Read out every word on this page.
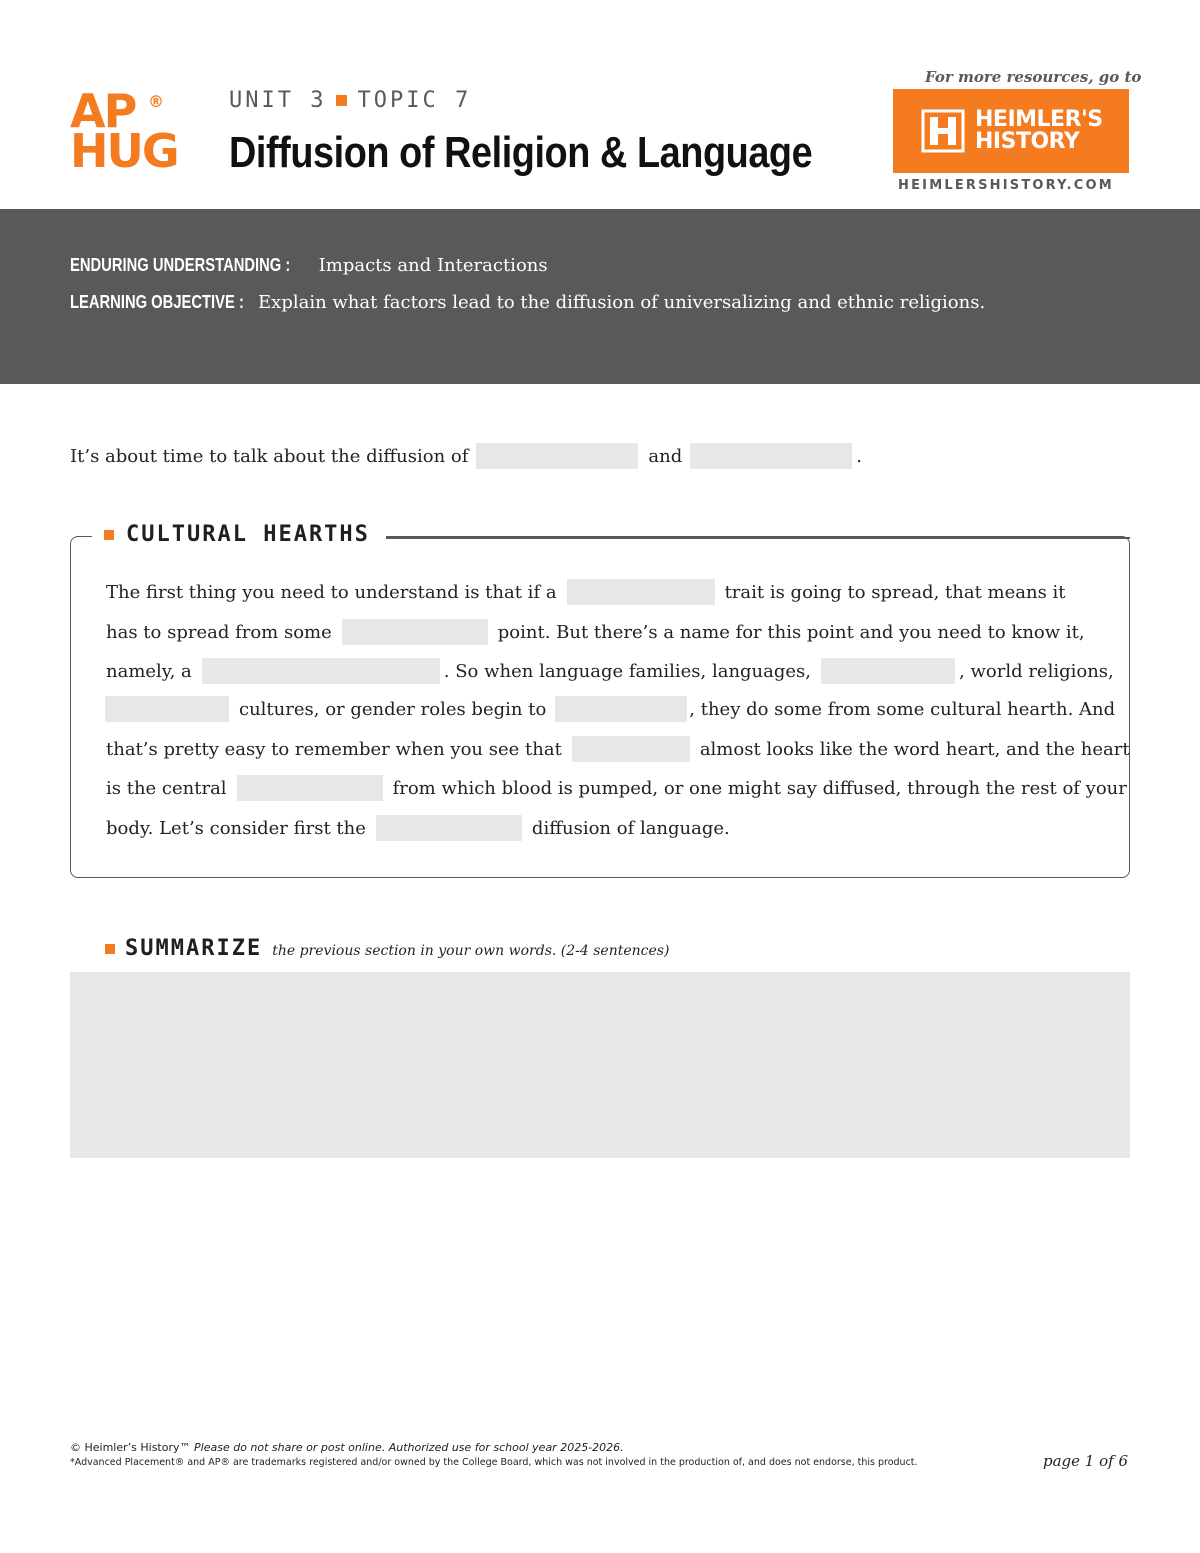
AP ®
HUG
UNIT 3 TOPIC 7
Diffusion of Religion & Language
For more resources, go to
HEIMLER'S
HISTORY
HEIMLERSHISTORY.COM
ENDURING UNDERSTANDING : Impacts and Interactions
LEARNING OBJECTIVE : Explain what factors lead to the diffusion of universalizing and ethnic religions.
It’s about time to talk about the diffusion of	and	.
CULTURAL HEARTHS
The first thing you need to understand is that if a	trait is going to spread, that means it
has to spread from some	point. But there’s a name for this point and you need to know it,
namely, a	. So when language families, languages,	, world religions,
cultures, or gender roles begin to	, they do some from some cultural hearth. And
that’s pretty easy to remember when you see that	almost looks like the word heart, and the heart
is the central	from which blood is pumped, or one might say diffused, through the rest of your
body. Let’s consider first the	diffusion of language.
SUMMARIZE the previous section in your own words. (2-4 sentences)
© Heimler’s History™ Please do not share or post online. Authorized use for school year 2025-2026.
*Advanced Placement® and AP® are trademarks registered and/or owned by the College Board, which was not involved in the production of, and does not endorse, this product.	page 1 of 6
